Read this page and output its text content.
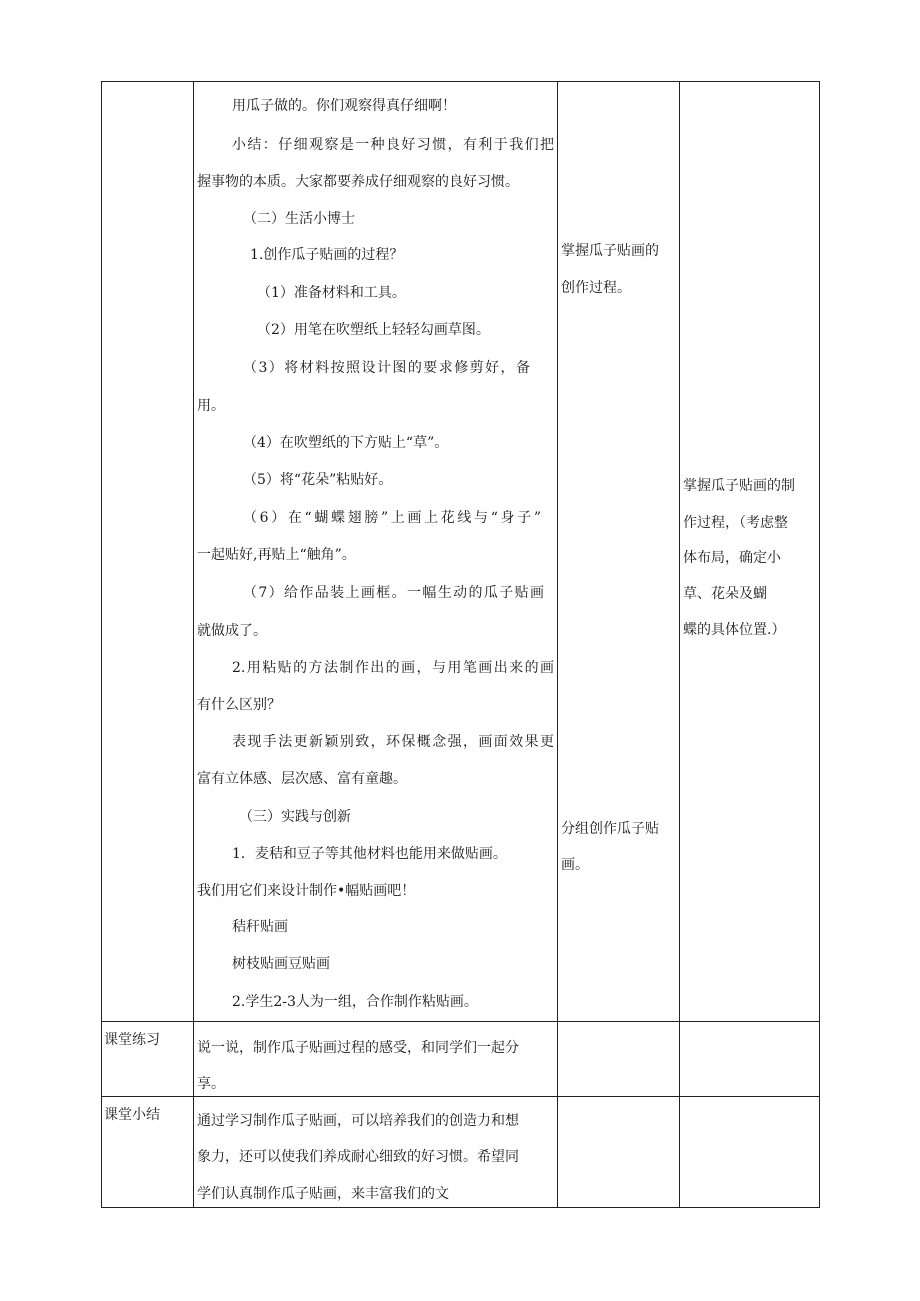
用瓜子做的。你们观察得真仔细啊！
小结：仔细观察是一种良好习惯，有利于我们把
握事物的本质。大家都要养成仔细观察的良好习惯。
（二）生活小博士
1.创作瓜子贴画的过程？
（1）准备材料和工具。
（2）用笔在吹塑纸上轻轻勾画草图。
（3）将材料按照设计图的要求修剪好，备
用。
（4）在吹塑纸的下方贴上“草”。
（5）将“花朵”粘贴好。
（6）在“蝴蝶翅膀”上画上花线与“身子”
一起贴好,再贴上“触角”。
（7）给作品装上画框。一幅生动的瓜子贴画
就做成了。
2.用粘贴的方法制作出的画，与用笔画出来的画
有什么区别？
表现手法更新颖别致，环保概念强，画面效果更
富有立体感、层次感、富有童趣。
（三）实践与创新
1．麦秸和豆子等其他材料也能用来做贴画。
我们用它们来设计制作•幅贴画吧！
秸秆贴画
树枝贴画豆贴画
2.学生2-3人为一组，合作制作粘贴画。
掌握瓜子贴画的
创作过程。
分组创作瓜子贴
画。
掌握瓜子贴画的制
作过程，（考虑整
体布局，确定小
草、花朵及蝴
蝶的具体位置.）
课堂练习	说一说，制作瓜子贴画过程的感受，和同学们一起分
享。
课堂小结	通过学习制作瓜子贴画，可以培养我们的创造力和想
象力，还可以使我们养成耐心细致的好习惯。希望同
学们认真制作瓜子贴画，来丰富我们的文
